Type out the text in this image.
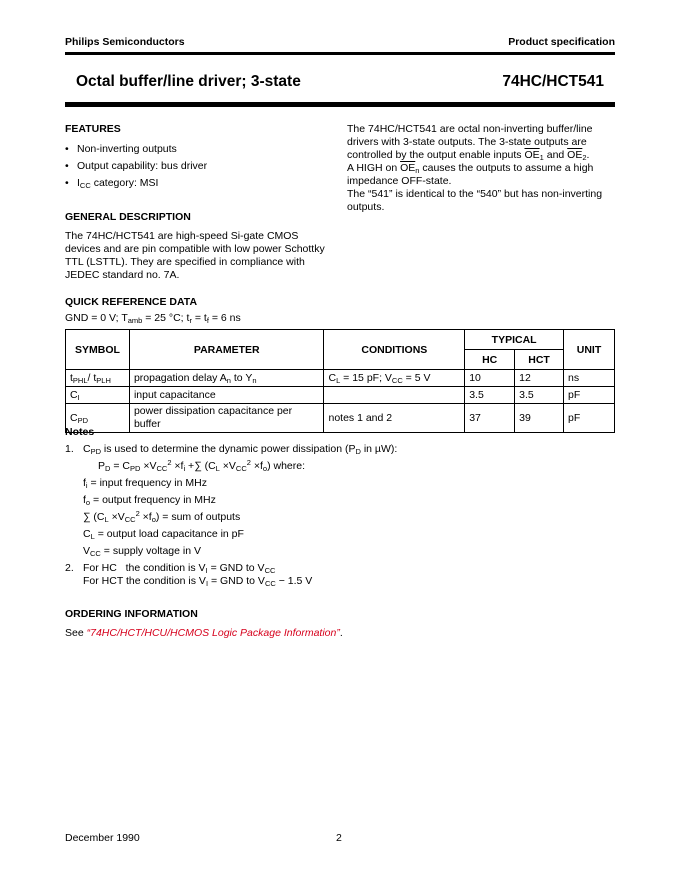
Philips Semiconductors	Product specification
Octal buffer/line driver; 3-state	74HC/HCT541
FEATURES
• Non-inverting outputs
• Output capability: bus driver
• $I_{CC}$ category: MSI
GENERAL DESCRIPTION
The 74HC/HCT541 are high-speed Si-gate CMOS devices and are pin compatible with low power Schottky TTL (LSTTL). They are specified in compliance with JEDEC standard no. 7A.
The 74HC/HCT541 are octal non-inverting buffer/line drivers with 3-state outputs. The 3-state outputs are controlled by the output enable inputs $\overline{OE}_1$ and $\overline{OE}_2$.
A HIGH on $\overline{OE}_n$ causes the outputs to assume a high impedance OFF-state.
The “541” is identical to the “540” but has non-inverting outputs.
QUICK REFERENCE DATA
GND = 0 V; $T_{amb} = 25$ °C; $t_r = t_f = 6$ ns
SYMBOL	PARAMETER	CONDITIONS	TYPICAL		UNIT
			HC	HCT	
$t_{PHL}/$ $t_{PLH}$	propagation delay $A_n$ to $Y_n$	$C_L = 15$ pF; $V_{CC} = 5$ V	10	12	ns
$C_I$	input capacitance		3.5	3.5	pF
$C_{PD}$	power dissipation capacitance per buffer	notes 1 and 2	37	39	pF
Notes
1. $C_{PD}$ is used to determine the dynamic power dissipation ($P_D$ in µW):
$P_D = C_{PD} \times V_{CC}^2 \times f_i$ +∑ $(C_L \times V_{CC}^2 \times f_o)$ where:
$f_i$ = input frequency in MHz
$f_o$ = output frequency in MHz
∑ $(C_L \times V_{CC}^2 \times f_o)$ = sum of outputs
$C_L$ = output load capacitance in pF
$V_{CC}$ = supply voltage in V
2. For HC   the condition is $V_I$ = GND to $V_{CC}$
For HCT the condition is $V_I$ = GND to $V_{CC} - 1.5$ V
ORDERING INFORMATION
See “74HC/HCT/HCU/HCMOS Logic Package Information”.
December 1990	2
